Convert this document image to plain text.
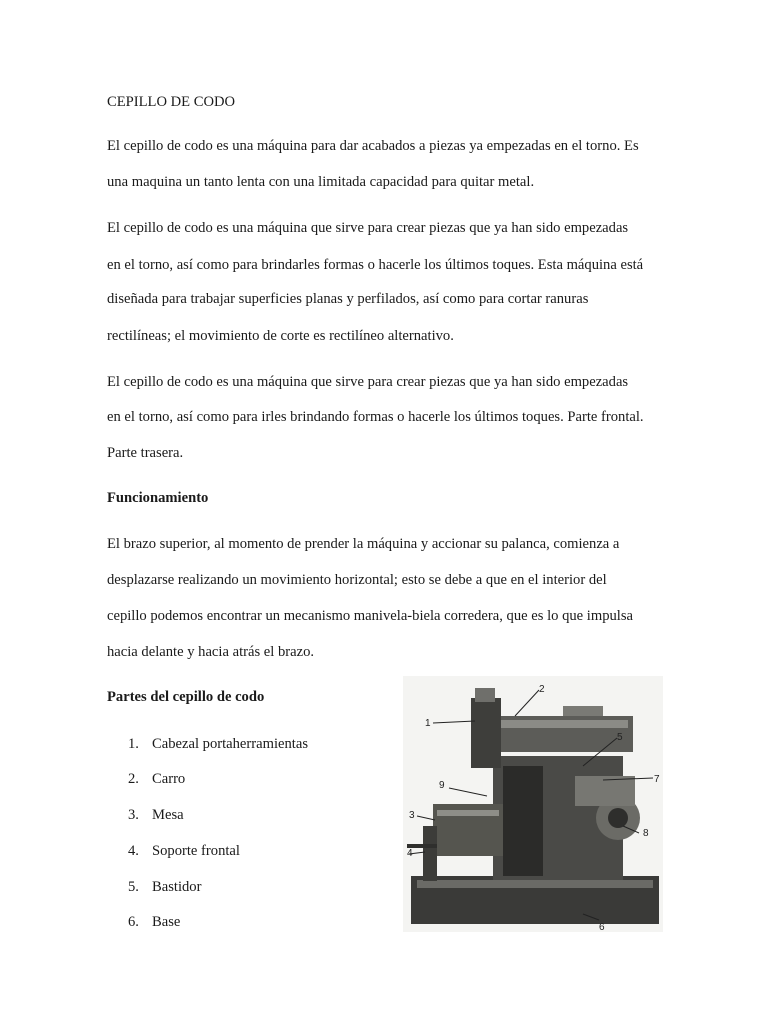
CEPILLO DE CODO
El cepillo de codo es una máquina para dar acabados a piezas ya empezadas en el torno. Es
una maquina un tanto lenta con una limitada capacidad para quitar metal.
El cepillo de codo es una máquina que sirve para crear piezas que ya han sido empezadas
en el torno, así como para brindarles formas o hacerle los últimos toques. Esta máquina está
diseñada para trabajar superficies planas y perfilados, así como para cortar ranuras
rectilíneas; el movimiento de corte es rectilíneo alternativo.
El cepillo de codo es una máquina que sirve para crear piezas que ya han sido empezadas
en el torno, así como para irles brindando formas o hacerle los últimos toques. Parte frontal.
Parte trasera.
Funcionamiento
El brazo superior, al momento de prender la máquina y accionar su palanca, comienza a
desplazarse realizando un movimiento horizontal; esto se debe a que en el interior del
cepillo podemos encontrar un mecanismo manivela-biela corredera, que es lo que impulsa
hacia delante y hacia atrás el brazo.
Partes del cepillo de codo
1. Cabezal portaherramientas
2. Carro
3. Mesa
4. Soporte frontal
5. Bastidor
6. Base
1
2
5
7
9
3
8
4
6
